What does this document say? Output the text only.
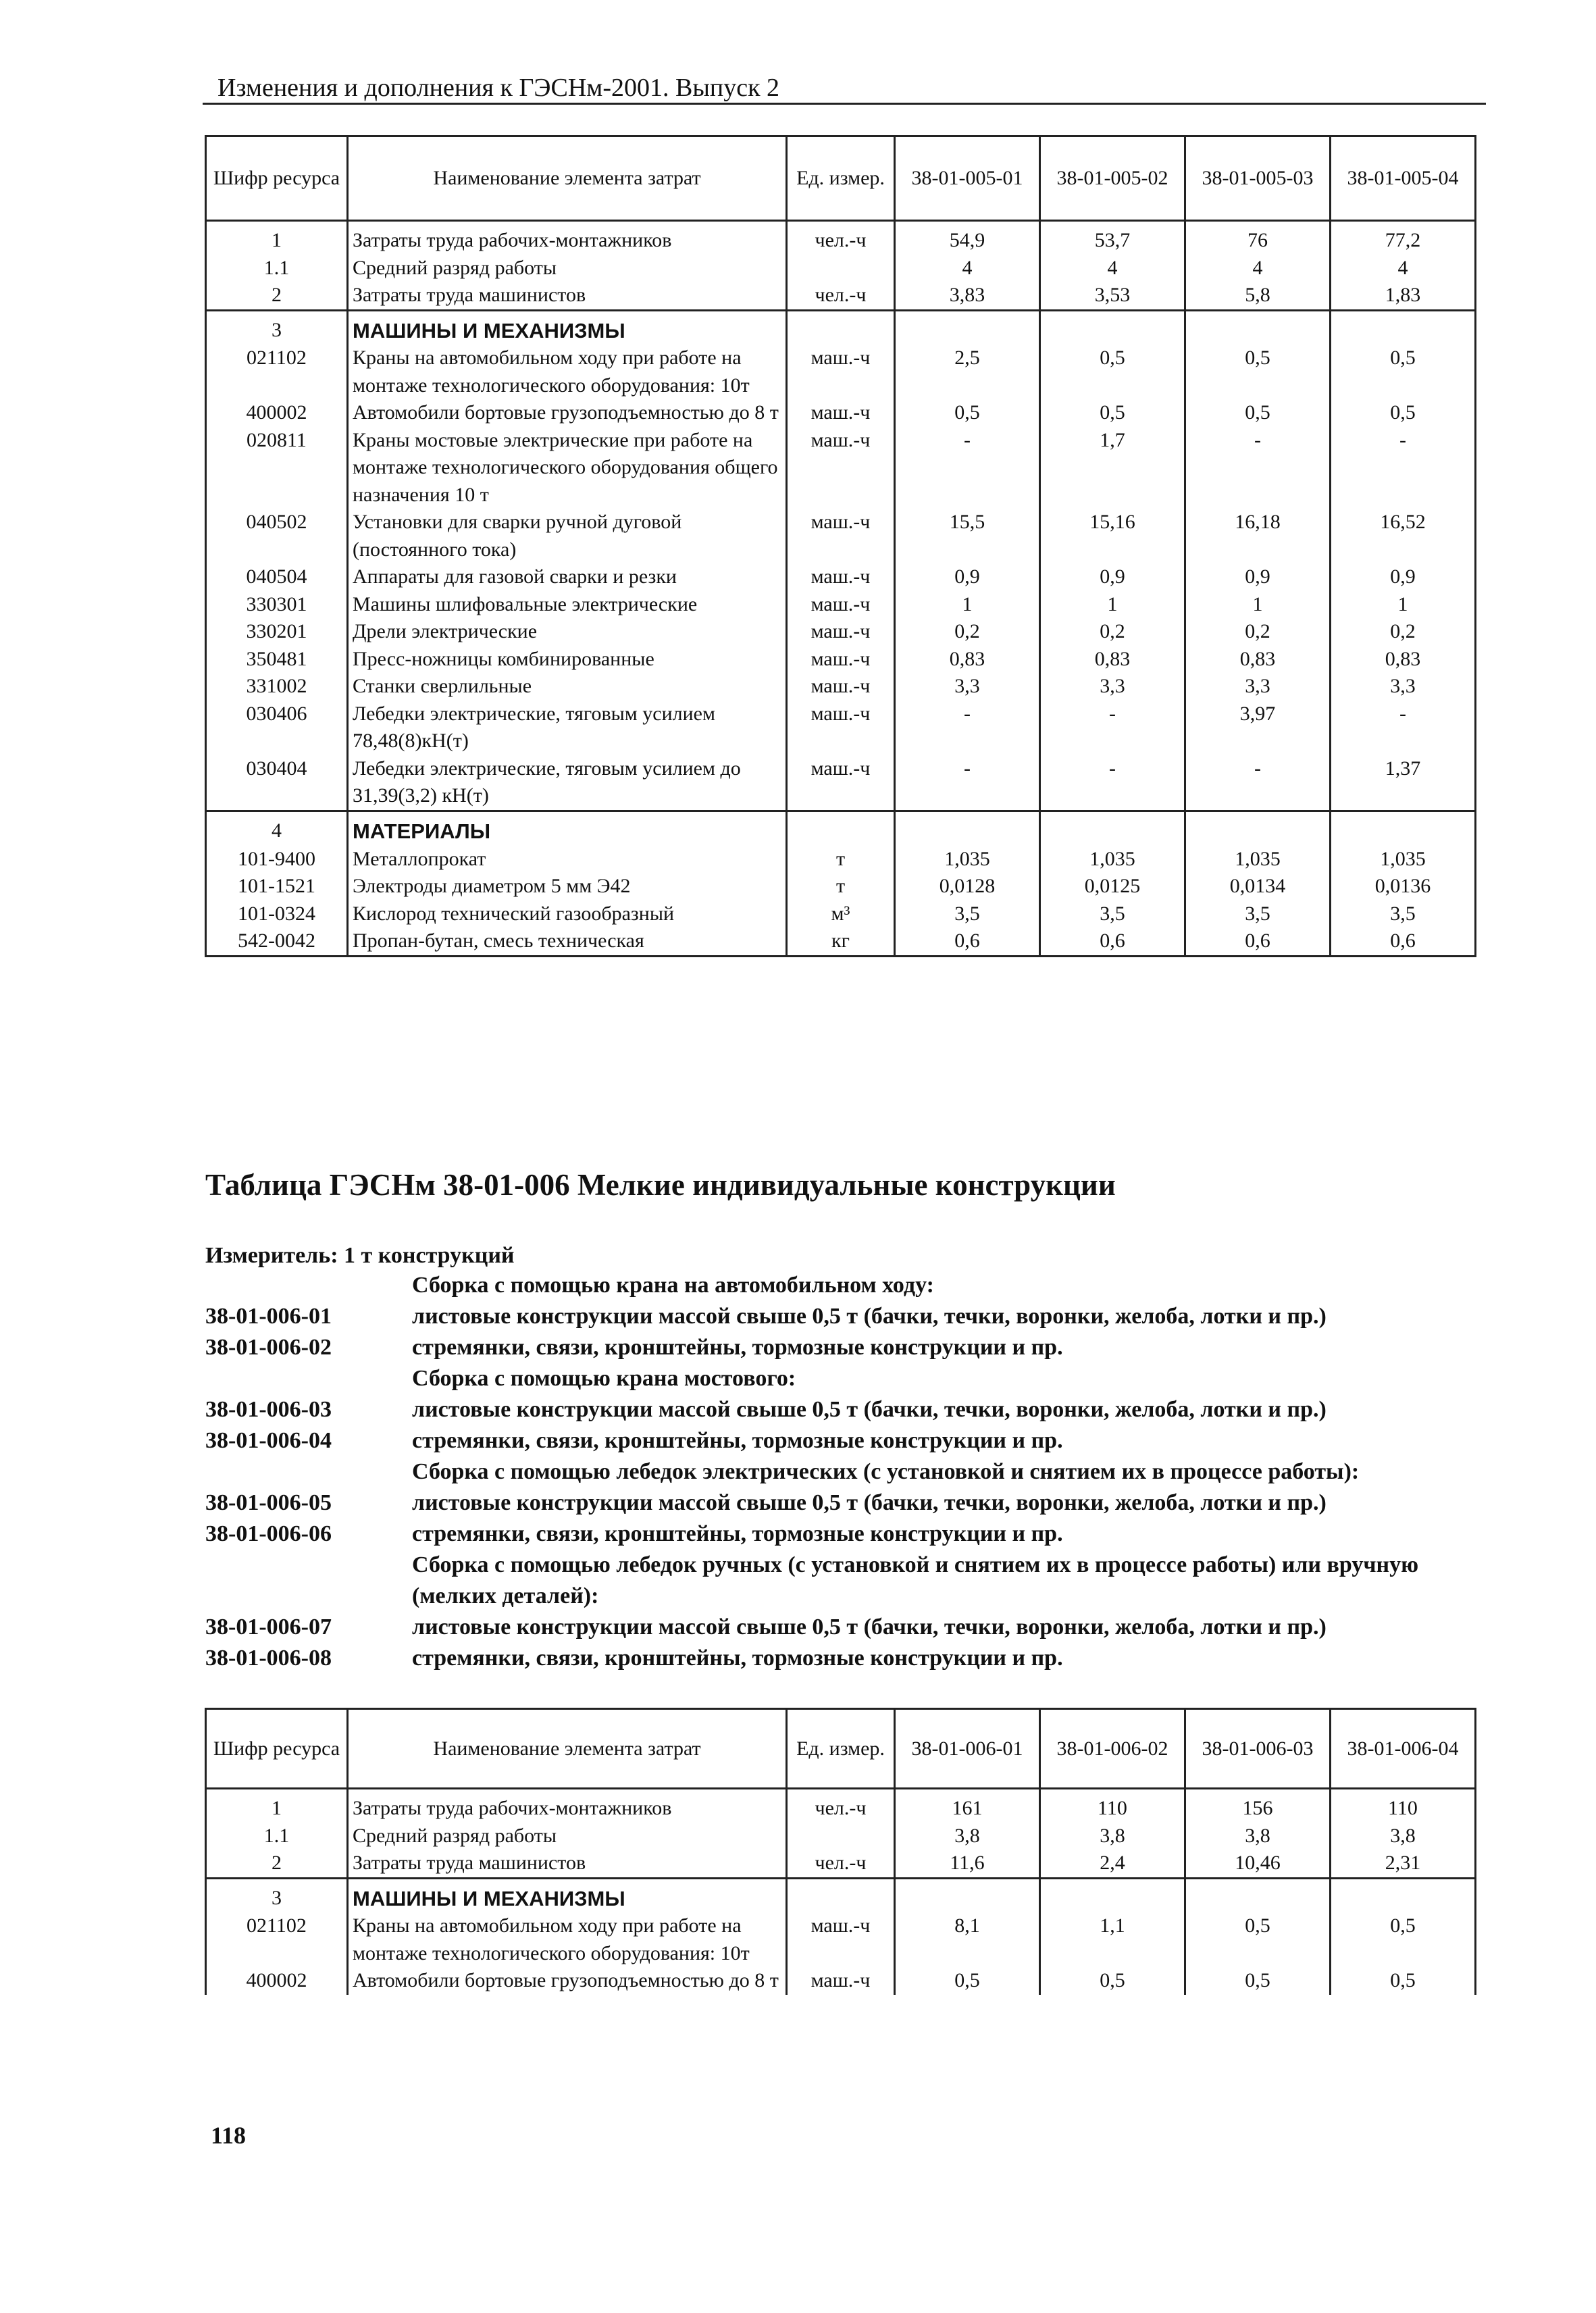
Изменения и дополнения к ГЭСНм-2001. Выпуск 2
Шифр ресурса	Наименование элемента затрат	Ед. измер.	38-01-005-01	38-01-005-02	38-01-005-03	38-01-005-04
1	Затраты труда рабочих-монтажников	чел.-ч	54,9	53,7	76	77,2
1.1	Средний разряд работы		4	4	4	4
2	Затраты труда машинистов	чел.-ч	3,83	3,53	5,8	1,83
3	МАШИНЫ И МЕХАНИЗМЫ					
021102	Краны на автомобильном ходу при работе на монтаже технологического оборудования: 10т	маш.-ч	2,5	0,5	0,5	0,5
400002	Автомобили бортовые грузоподъемностью до 8 т	маш.-ч	0,5	0,5	0,5	0,5
020811	Краны мостовые электрические при работе на монтаже технологического оборудования общего назначения 10 т	маш.-ч	-	1,7	-	-
040502	Установки для сварки ручной дуговой (постоянного тока)	маш.-ч	15,5	15,16	16,18	16,52
040504	Аппараты для газовой сварки и резки	маш.-ч	0,9	0,9	0,9	0,9
330301	Машины шлифовальные электрические	маш.-ч	1	1	1	1
330201	Дрели электрические	маш.-ч	0,2	0,2	0,2	0,2
350481	Пресс-ножницы комбинированные	маш.-ч	0,83	0,83	0,83	0,83
331002	Станки сверлильные	маш.-ч	3,3	3,3	3,3	3,3
030406	Лебедки электрические, тяговым усилием 78,48(8)кН(т)	маш.-ч	-	-	3,97	-
030404	Лебедки электрические, тяговым усилием до 31,39(3,2) кН(т)	маш.-ч	-	-	-	1,37
4	МАТЕРИАЛЫ					
101-9400	Металлопрокат	т	1,035	1,035	1,035	1,035
101-1521	Электроды диаметром 5 мм Э42	т	0,0128	0,0125	0,0134	0,0136
101-0324	Кислород технический газообразный	м³	3,5	3,5	3,5	3,5
542-0042	Пропан-бутан, смесь техническая	кг	0,6	0,6	0,6	0,6
Таблица ГЭСНм 38-01-006 Мелкие индивидуальные конструкции
Измеритель: 1 т конструкций
Сборка с помощью крана на автомобильном ходу:
38-01-006-01	листовые конструкции массой свыше 0,5 т (бачки, течки, воронки, желоба, лотки и пр.)
38-01-006-02	стремянки, связи, кронштейны, тормозные конструкции и пр.
Сборка с помощью крана мостового:
38-01-006-03	листовые конструкции массой свыше 0,5 т (бачки, течки, воронки, желоба, лотки и пр.)
38-01-006-04	стремянки, связи, кронштейны, тормозные конструкции и пр.
Сборка с помощью лебедок электрических (с установкой и снятием их в процессе работы):
38-01-006-05	листовые конструкции массой свыше 0,5 т (бачки, течки, воронки, желоба, лотки и пр.)
38-01-006-06	стремянки, связи, кронштейны, тормозные конструкции и пр.
Сборка с помощью лебедок ручных (с установкой и снятием их в процессе работы) или вручную (мелких деталей):
38-01-006-07	листовые конструкции массой свыше 0,5 т (бачки, течки, воронки, желоба, лотки и пр.)
38-01-006-08	стремянки, связи, кронштейны, тормозные конструкции и пр.
Шифр ресурса	Наименование элемента затрат	Ед. измер.	38-01-006-01	38-01-006-02	38-01-006-03	38-01-006-04
1	Затраты труда рабочих-монтажников	чел.-ч	161	110	156	110
1.1	Средний разряд работы		3,8	3,8	3,8	3,8
2	Затраты труда машинистов	чел.-ч	11,6	2,4	10,46	2,31
3	МАШИНЫ И МЕХАНИЗМЫ					
021102	Краны на автомобильном ходу при работе на монтаже технологического оборудования: 10т	маш.-ч	8,1	1,1	0,5	0,5
400002	Автомобили бортовые грузоподъемностью до 8 т	маш.-ч	0,5	0,5	0,5	0,5
118
